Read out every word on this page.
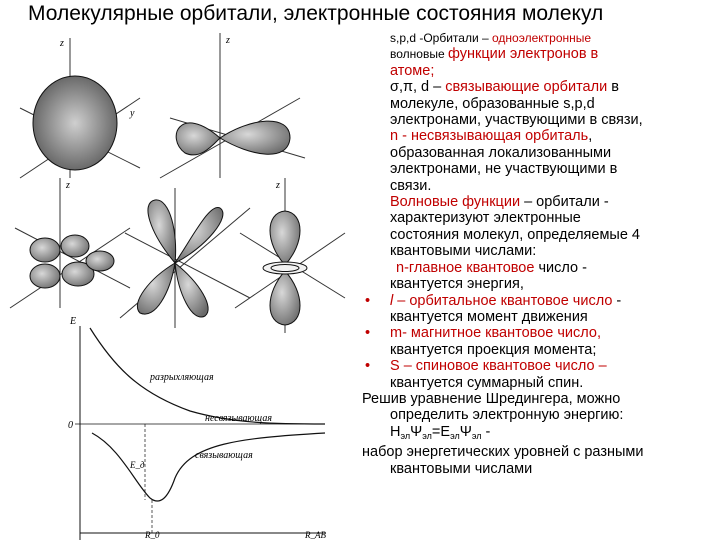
Молекулярные орбитали, электронные состояния молекул
z
y
z
z	z
E
0
разрыхляющая
несвязывающая
связывающая
E_д
R_0	R_AB

s,p,d -Орбитали – одноэлектронные

волновые функции электронов в

атоме;

σ,π, d – связывающие орбитали в

молекуле, образованные s,p,d

электронами, участвующими в связи,

n - несвязывающая орбиталь,

образованная локализованными

электронами, не участвующими в

связи.

Волновые функции – орбитали -

характеризуют электронные

состояния молекул, определяемые 4

квантовыми числами:

n-главное квантовое число -

квантуется энергия,

• l – орбитальное квантовое число -

квантуется момент движения

• m- магнитное квантовое число,

квантуется проекция момента;

• S – спиновое квантовое число –

квантуется суммарный спин.

Решив уравнение Шредингера, можно

определить электронную энергию:

$H_{эл}\Psi_{эл}=E_{эл}\Psi_{эл}$ -

набор энергетических уровней с разными

квантовыми числами
